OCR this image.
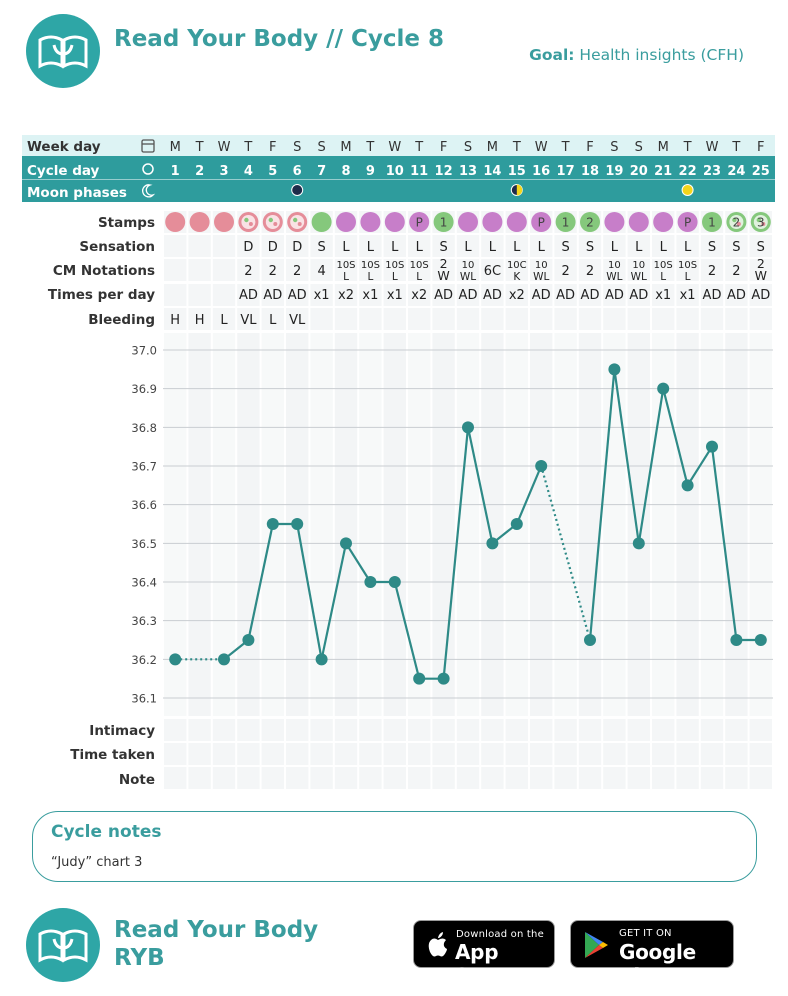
Read Your Body // Cycle 8
Goal: Health insights (CFH)
Week day
Cycle day
Moon phases
M
1
T
2
W
3
T
4
F
5
S
6
S
7
M
8
T
9
W
10
T
11
F
12
S
13
M
14
T
15
W
16
T
17
F
18
S
19
S
20
M
21
T
22
W
23
T
24
F
25
Stamps
Sensation
CM Notations
Times per day
Bleeding
Intimacy
Time taken
Note
P 1	P 1 2	P 1 2 3
D D D S L L L L S L L L L S S L L L L S S S
2 2 2 4 10S
L
10S
L
10S
L
10S
L
2
W
10
WL 6C 10C
K
10
WL 2 2 10
WL
10
WL
10S
L
10S
L 2 2
2
W
AD AD AD x1 x2 x1 x1 x2 AD AD AD x2 AD AD AD AD AD x1 x1 AD AD AD
H H L VL L VL
37.0
36.9
36.8
36.7
36.6
36.5
36.4
36.3
36.2
36.1
Cycle notes
“Judy” chart 3
Read Your Body
RYB
Download on the
App Store
GET IT ON
Google Play
